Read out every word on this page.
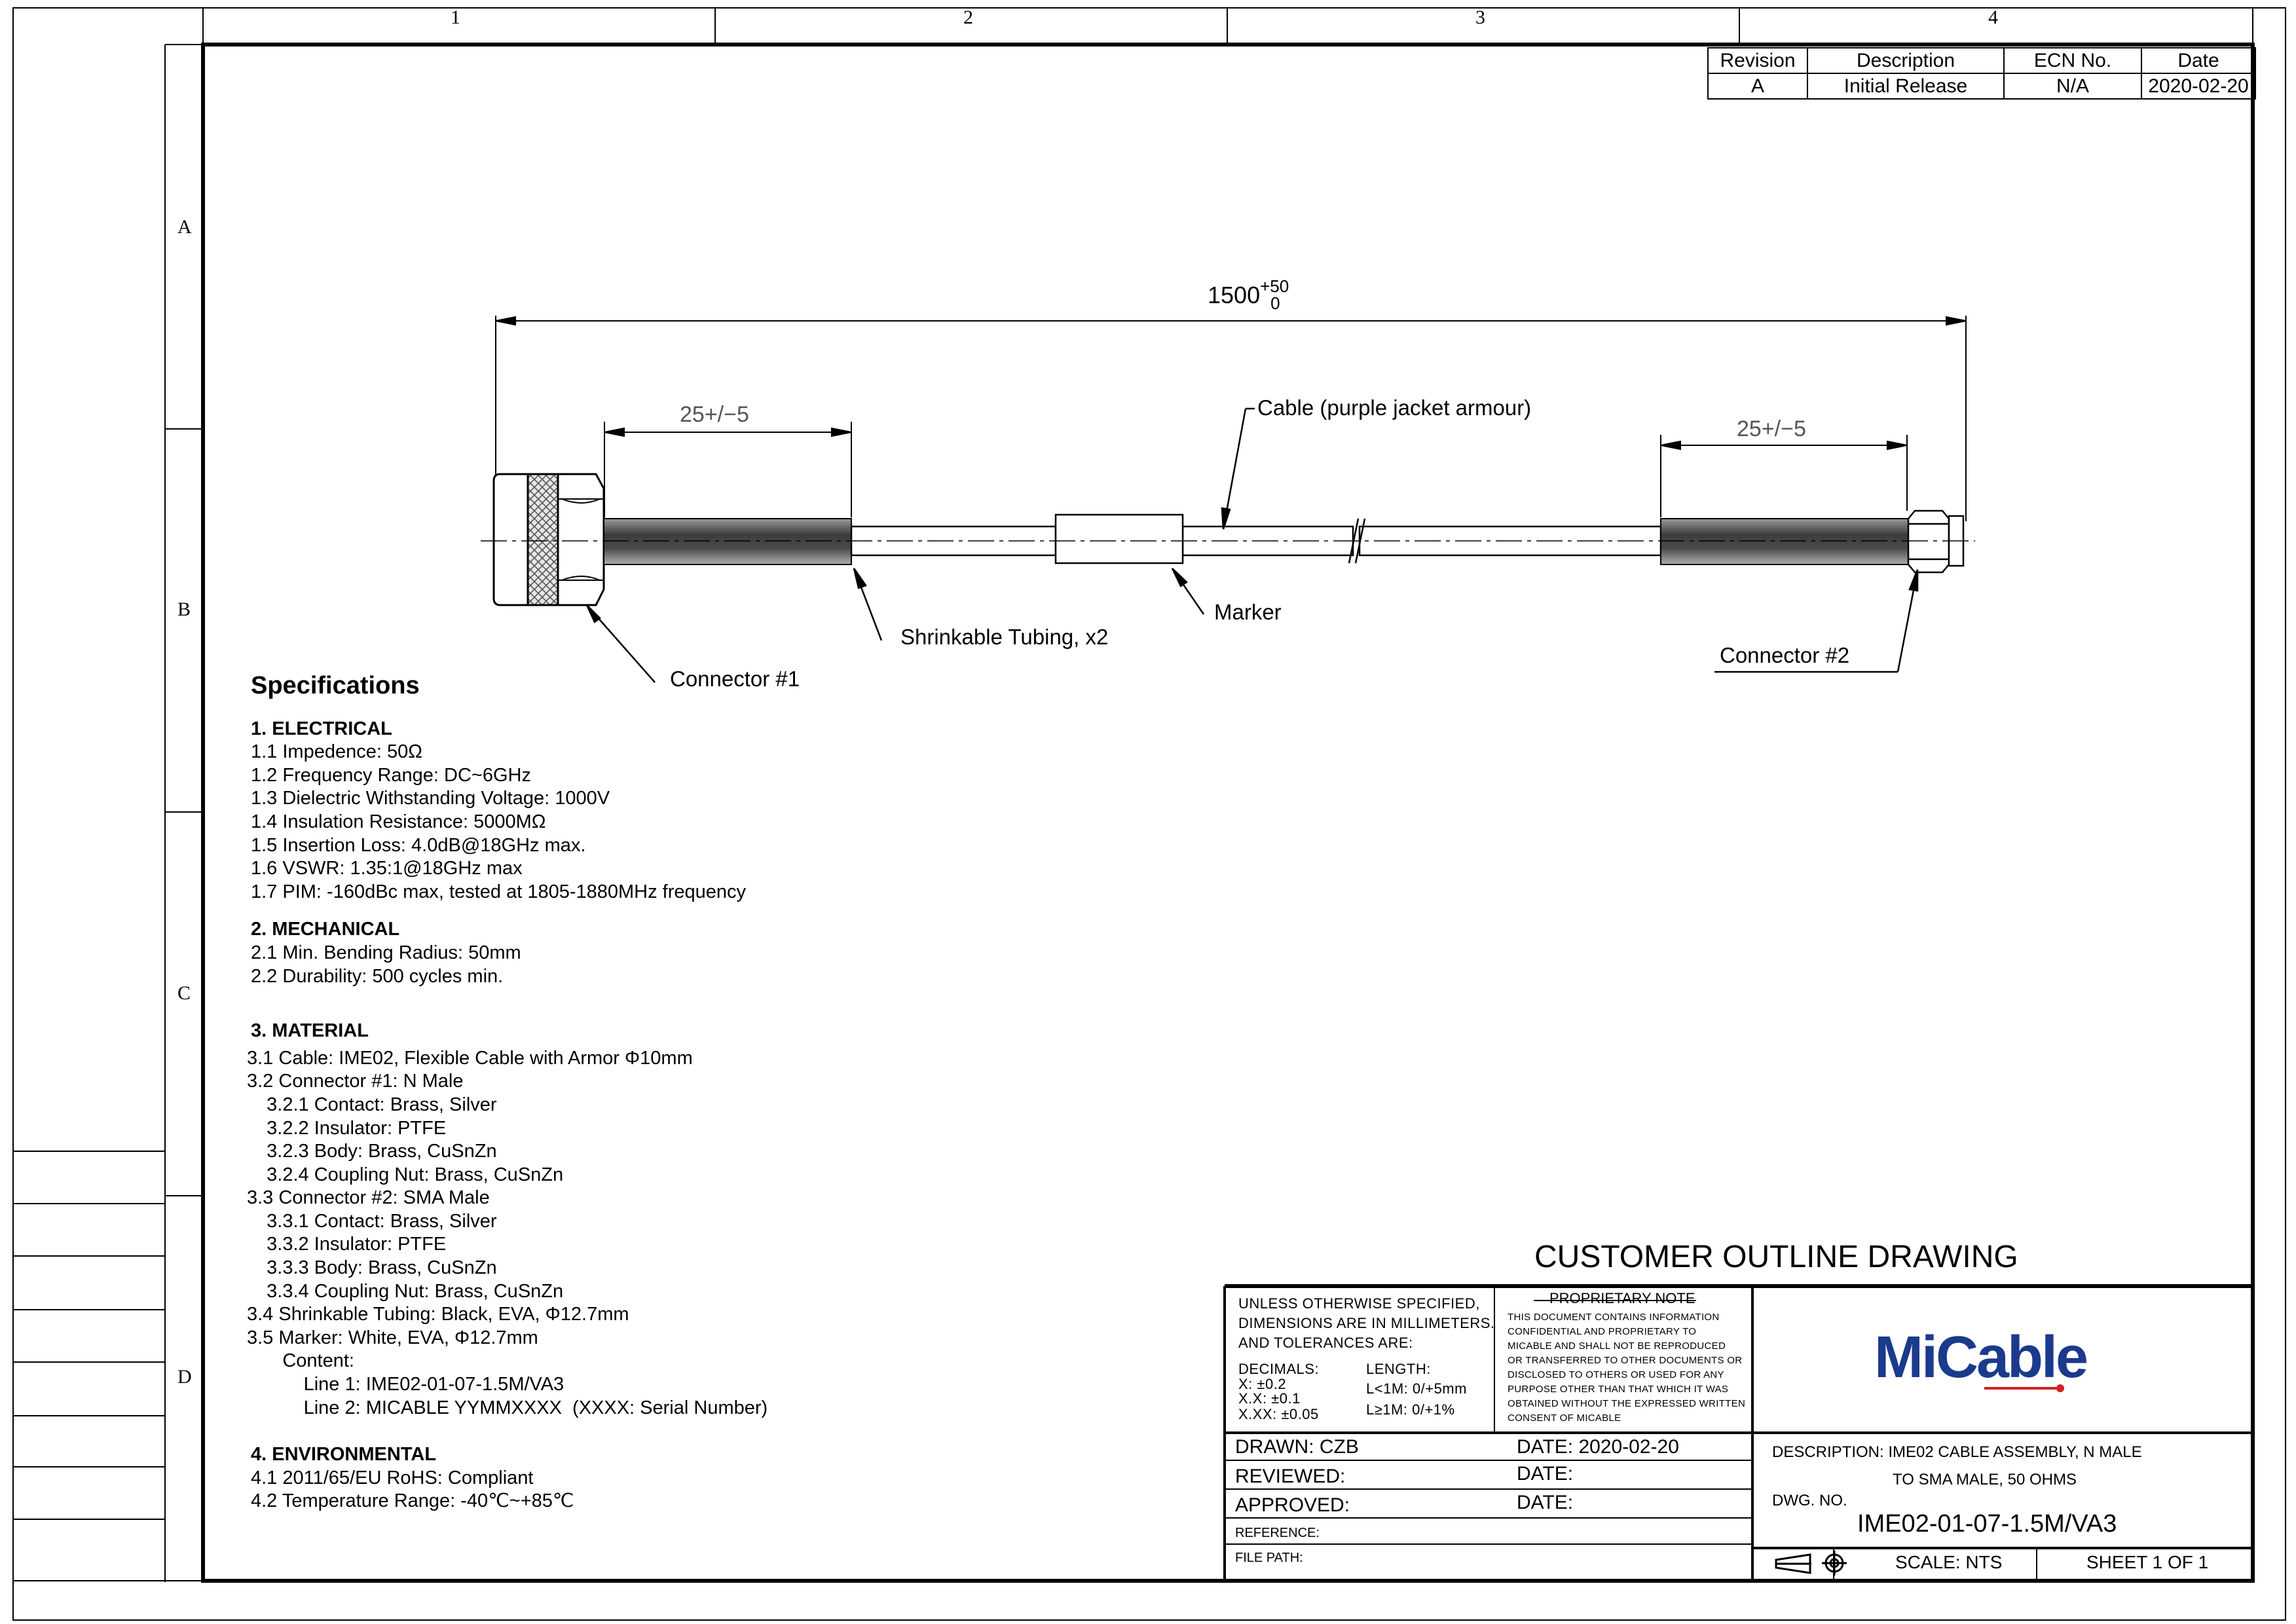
1	2	3	4
A
B
C
D
Revision	Description	ECN No.	Date
A	Initial Release	N/A	2020-02-20
1500 +50
0
25+/−5
25+/−5
Cable (purple jacket armour)
Shrinkable Tubing, x2
Marker
Connector #1
Connector #2
Specifications
1. ELECTRICAL
1.1 Impedence: 50Ω
1.2 Frequency Range: DC~6GHz
1.3 Dielectric Withstanding Voltage: 1000V
1.4 Insulation Resistance: 5000MΩ
1.5 Insertion Loss: 4.0dB@18GHz max.
1.6 VSWR: 1.35:1@18GHz max
1.7 PIM: -160dBc max, tested at 1805-1880MHz frequency
2. MECHANICAL
2.1 Min. Bending Radius: 50mm
2.2 Durability: 500 cycles min.
3. MATERIAL
3.1 Cable: IME02, Flexible Cable with Armor Φ10mm
3.2 Connector #1: N Male
3.2.1 Contact: Brass, Silver
3.2.2 Insulator: PTFE
3.2.3 Body: Brass, CuSnZn
3.2.4 Coupling Nut: Brass, CuSnZn
3.3 Connector #2: SMA Male
3.3.1 Contact: Brass, Silver
3.3.2 Insulator: PTFE
3.3.3 Body: Brass, CuSnZn
3.3.4 Coupling Nut: Brass, CuSnZn
3.4 Shrinkable Tubing: Black, EVA, Φ12.7mm
3.5 Marker: White, EVA, Φ12.7mm
Content:
Line 1: IME02-01-07-1.5M/VA3
Line 2: MICABLE YYMMXXXX  (XXXX: Serial Number)
4. ENVIRONMENTAL
4.1 2011/65/EU RoHS: Compliant
4.2 Temperature Range: -40℃~+85℃
CUSTOMER OUTLINE DRAWING
UNLESS OTHERWISE SPECIFIED,
DIMENSIONS ARE IN MILLIMETERS.
AND TOLERANCES ARE:
DECIMALS:
X: ±0.2
X.X: ±0.1
X.XX: ±0.05
LENGTH:
L<1M: 0/+5mm
L≥1M: 0/+1%
PROPRIETARY NOTE
THIS DOCUMENT CONTAINS INFORMATION
CONFIDENTIAL AND PROPRIETARY TO
MICABLE AND SHALL NOT BE REPRODUCED
OR TRANSFERRED TO OTHER DOCUMENTS OR
DISCLOSED TO OTHERS OR USED FOR ANY
PURPOSE OTHER THAN THAT WHICH IT WAS
OBTAINED WITHOUT THE EXPRESSED WRITTEN
CONSENT OF MICABLE
MiCable
DRAWN: CZB	DATE: 2020-02-20
REVIEWED:	DATE:
APPROVED:	DATE:
REFERENCE:
FILE PATH:
DESCRIPTION: IME02 CABLE ASSEMBLY, N MALE
TO SMA MALE, 50 OHMS
DWG. NO.
IME02-01-07-1.5M/VA3
SCALE: NTS	SHEET 1 OF 1
